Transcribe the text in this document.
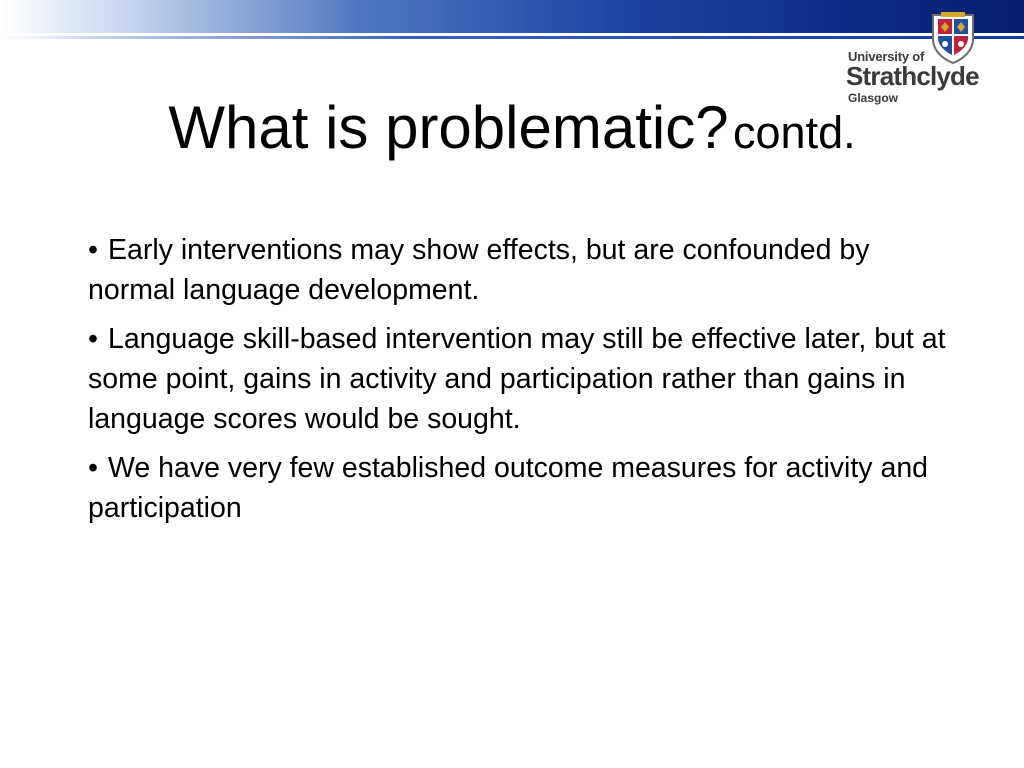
University of
Strathclyde
Glasgow
What is problematic? contd.
• Early interventions may show effects, but are confounded by normal language development.
• Language skill-based intervention may still be effective later, but at some point, gains in activity and participation rather than gains in language scores would be sought.
• We have very few established outcome measures for activity and participation
